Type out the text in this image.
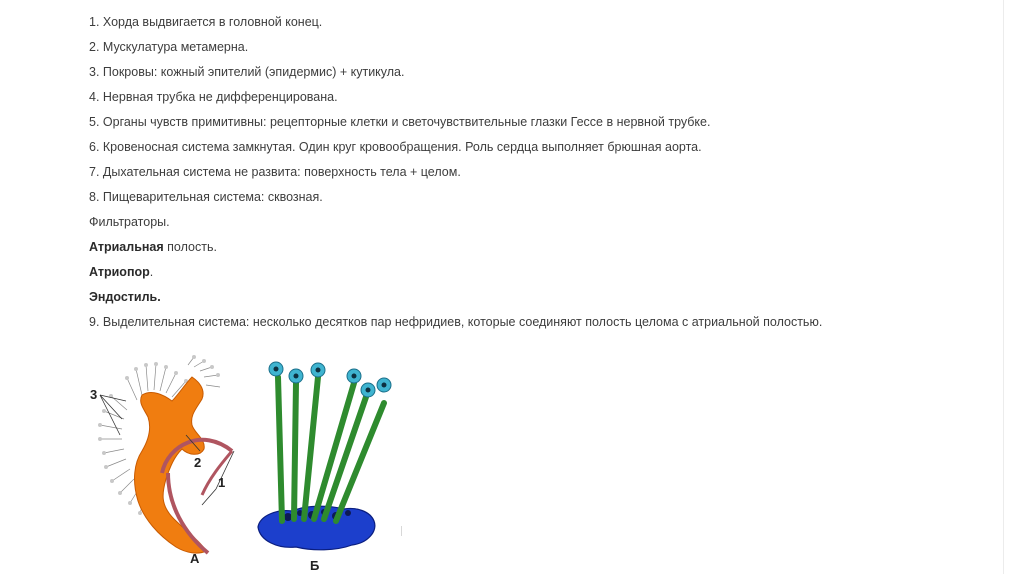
1. Хорда выдвигается в головной конец.
2. Мускулатура метамерна.
3. Покровы: кожный эпителий (эпидермис) + кутикула.
4. Нервная трубка не дифференцирована.
5. Органы чувств примитивны: рецепторные клетки и светочувствительные глазки Гессе в нервной трубке.
6. Кровеносная система замкнутая. Один круг кровообращения. Роль сердца выполняет брюшная аорта.
7. Дыхательная система не развита: поверхность тела + целом.
8. Пищеварительная система: сквозная.
Фильтраторы.
Атриальная полость.
Атриопор.
Эндостиль.
9. Выделительная система: несколько десятков пар нефридиев, которые соединяют полость целома с атриальной полостью.
3
2
1
А	Б
